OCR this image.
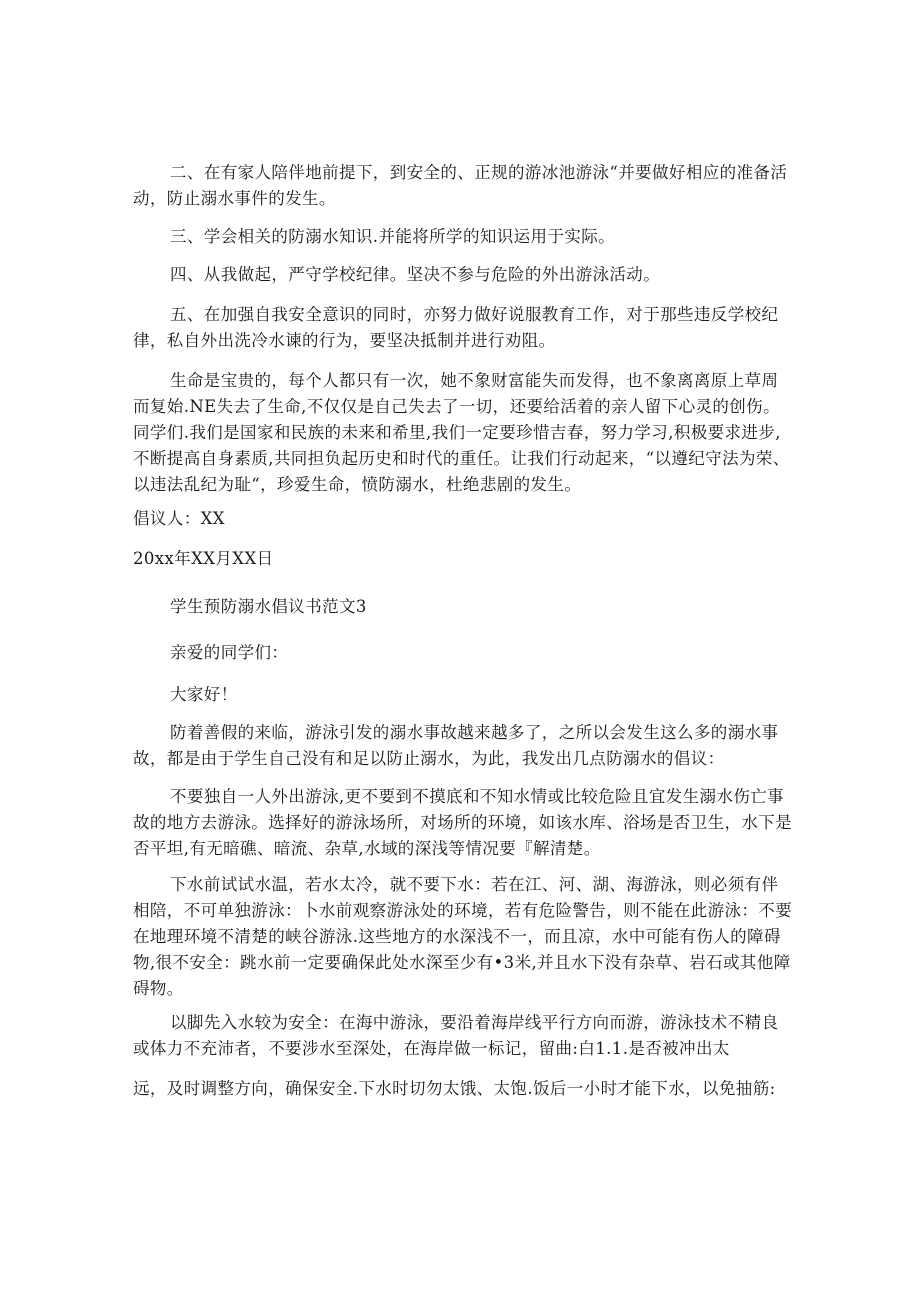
二、在有家人陪伴地前提下，到安全的、正规的游冰池游泳“并要做好相应的准备活动，防止溺水事件的发生。

三、学会相关的防溺水知识.并能将所学的知识运用于实际。

四、从我做起，严守学校纪律。坚决不参与危险的外出游泳活动。

五、在加强自我安全意识的同时，亦努力做好说服教育工作，对于那些违反学校纪律，私自外出洗冷水谏的行为，要坚决抵制并进行劝阻。

生命是宝贵的，每个人都只有一次，她不象财富能失而发得，也不象离离原上草周而复始.NE失去了生命,不仅仅是自己失去了一切，还要给活着的亲人留下心灵的创伤。同学们.我们是国家和民族的未来和希里,我们一定要珍惜吉春，努力学习,积极要求进步,不断提高自身素质,共同担负起历史和时代的重任。让我们行动起来，“以遵纪守法为荣、以违法乱纪为耻“，珍爱生命，愤防溺水，杜绝悲剧的发生。

倡议人：XX

20xx年XX月XX日

学生预防溺水倡议书范文3

亲爱的同学们：

大家好！

防着善假的来临，游泳引发的溺水事故越来越多了，之所以会发生这么多的溺水事故，都是由于学生自己没有和足以防止溺水，为此，我发出几点防溺水的倡议：

不要独自一人外出游泳,更不要到不摸底和不知水情或比较危险且宜发生溺水伤亡事故的地方去游泳。选择好的游泳场所，对场所的环境，如该水库、浴场是否卫生，水下是否平坦,有无暗礁、暗流、杂草,水域的深浅等情况要『解清楚。

下水前试试水温，若水太冷，就不要下水：若在江、河、湖、海游泳，则必须有伴相陪，不可单独游泳：卜水前观察游泳处的环境，若有危险警告，则不能在此游泳：不要在地理环境不清楚的峡谷游泳.这些地方的水深浅不一，而且凉，水中可能有伤人的障碍物,很不安全：跳水前一定要确保此处水深至少有•3米,并且水下没有杂草、岩石或其他障碍物。

以脚先入水较为安全：在海中游泳，要沿着海岸线平行方向而游，游泳技术不精良或体力不充沛者，不要涉水至深处，在海岸做一标记，留曲:白1.1.是否被冲出太

远，及时调整方向，确保安全.下水时切勿太饿、太饱.饭后一小时才能下水，以免抽筋:
